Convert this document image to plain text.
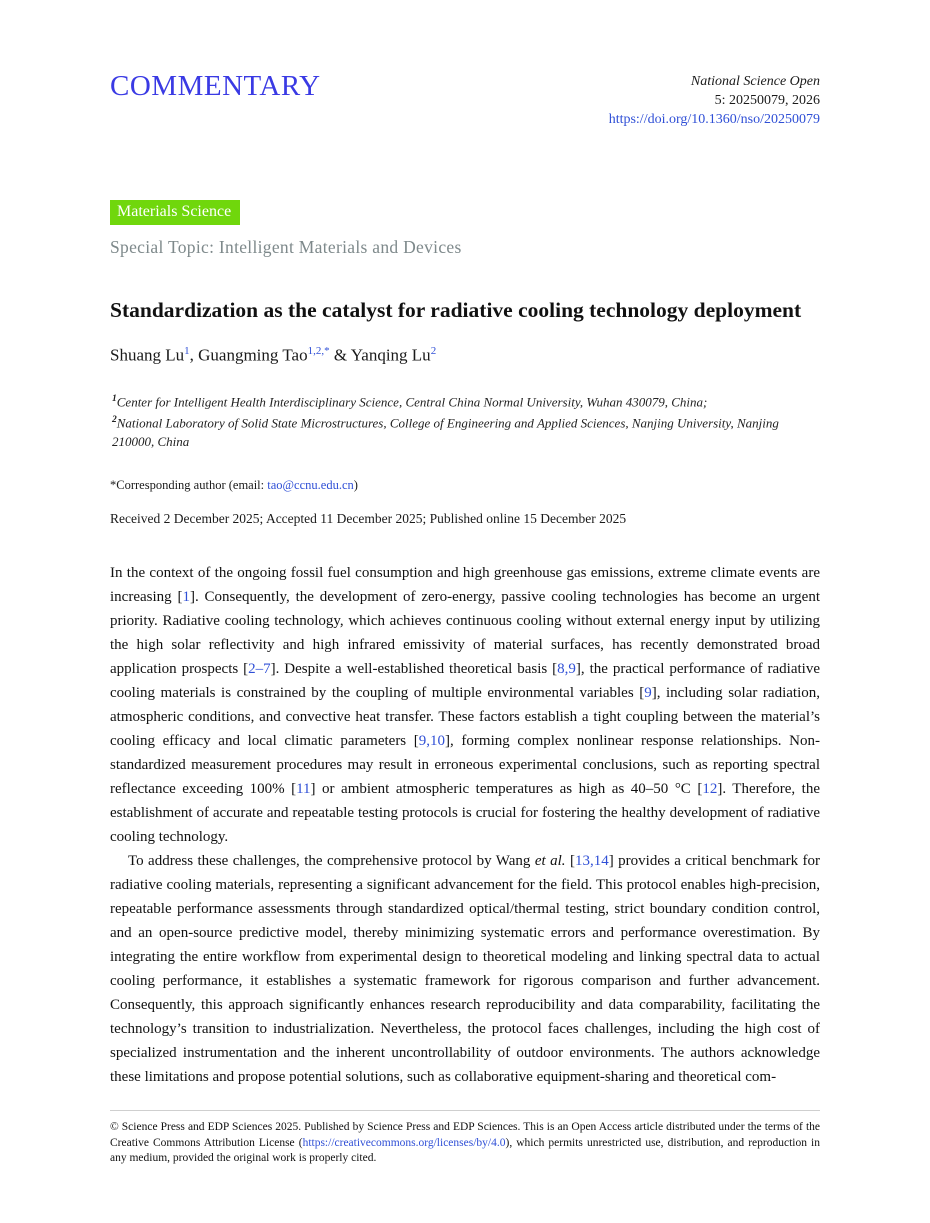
COMMENTARY	National Science Open
5: 20250079, 2026
https://doi.org/10.1360/nso/20250079
Materials Science
Special Topic: Intelligent Materials and Devices
Standardization as the catalyst for radiative cooling technology deployment
Shuang Lu$^1$, Guangming Tao$^{1,2,*}$ & Yanqing Lu$^2$
$^1$Center for Intelligent Health Interdisciplinary Science, Central China Normal University, Wuhan 430079, China;
$^2$National Laboratory of Solid State Microstructures, College of Engineering and Applied Sciences, Nanjing University, Nanjing 210000, China
*Corresponding author (email: tao@ccnu.edu.cn)
Received 2 December 2025; Accepted 11 December 2025; Published online 15 December 2025

In the context of the ongoing fossil fuel consumption and high greenhouse gas emissions, extreme climate events are increasing [1]. Consequently, the development of zero-energy, passive cooling technologies has become an urgent priority. Radiative cooling technology, which achieves continuous cooling without external energy input by utilizing the high solar reflectivity and high infrared emissivity of material surfaces, has recently demonstrated broad application prospects [2–7]. Despite a well-established theoretical basis [8,9], the practical performance of radiative cooling materials is constrained by the coupling of multiple environmental variables [9], including solar radiation, atmospheric conditions, and convective heat transfer. These factors establish a tight coupling between the material’s cooling efficacy and local climatic parameters [9,10], forming complex nonlinear response relationships. Non-standardized measurement procedures may result in erroneous experimental conclusions, such as reporting spectral reflectance exceeding 100% [11] or ambient atmospheric temperatures as high as 40–50 °C [12]. Therefore, the establishment of accurate and repeatable testing protocols is crucial for fostering the healthy development of radiative cooling technology.

To address these challenges, the comprehensive protocol by Wang et al. [13,14] provides a critical benchmark for radiative cooling materials, representing a significant advancement for the field. This protocol enables high-precision, repeatable performance assessments through standardized optical/thermal testing, strict boundary condition control, and an open-source predictive model, thereby minimizing systematic errors and performance overestimation. By integrating the entire workflow from experimental design to theoretical modeling and linking spectral data to actual cooling performance, it establishes a systematic framework for rigorous comparison and further advancement. Consequently, this approach significantly enhances research reproducibility and data comparability, facilitating the technology’s transition to industrialization. Nevertheless, the protocol faces challenges, including the high cost of specialized instrumentation and the inherent uncontrollability of outdoor environments. The authors acknowledge these limitations and propose potential solutions, such as collaborative equipment-sharing and theoretical com-

© Science Press and EDP Sciences 2025. Published by Science Press and EDP Sciences. This is an Open Access article distributed under the terms of the Creative Commons Attribution License (https://creativecommons.org/licenses/by/4.0), which permits unrestricted use, distribution, and reproduction in any medium, provided the original work is properly cited.
